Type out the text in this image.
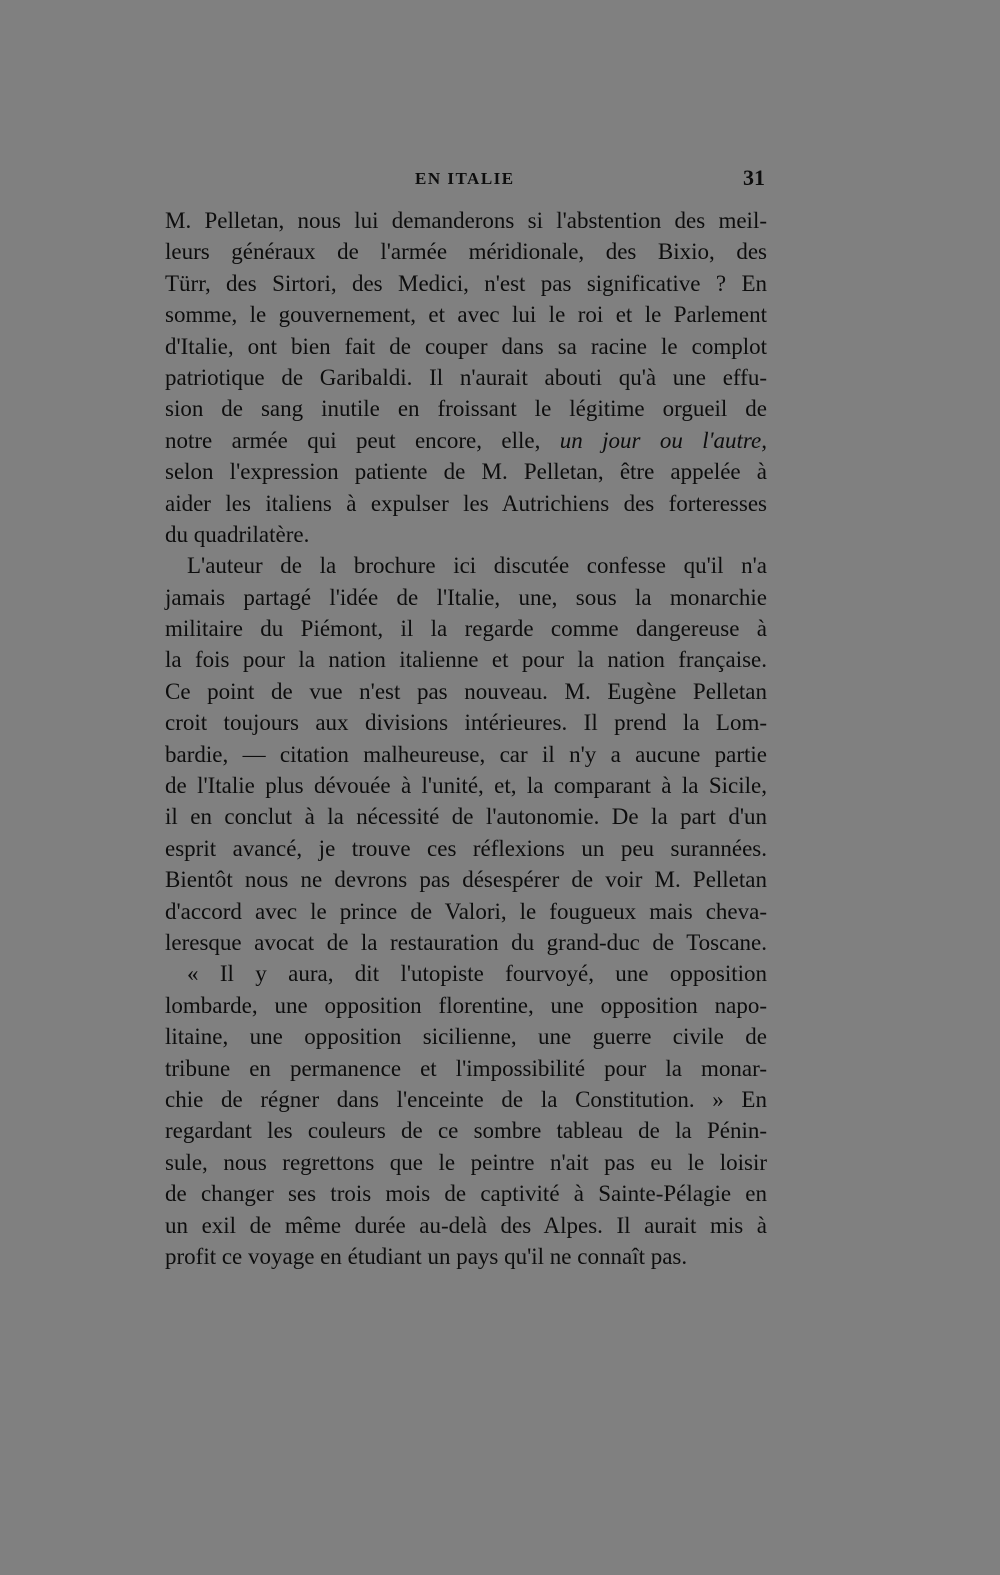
EN ITALIE	31
M. Pelletan, nous lui demanderons si l'abstention des meil-
leurs généraux de l'armée méridionale, des Bixio, des
Türr, des Sirtori, des Medici, n'est pas significative ? En
somme, le gouvernement, et avec lui le roi et le Parlement
d'Italie, ont bien fait de couper dans sa racine le complot
patriotique de Garibaldi. Il n'aurait abouti qu'à une effu-
sion de sang inutile en froissant le légitime orgueil de
notre armée qui peut encore, elle, un jour ou l'autre,
selon l'expression patiente de M. Pelletan, être appelée à
aider les italiens à expulser les Autrichiens des forteresses
du quadrilatère.
L'auteur de la brochure ici discutée confesse qu'il n'a
jamais partagé l'idée de l'Italie, une, sous la monarchie
militaire du Piémont, il la regarde comme dangereuse à
la fois pour la nation italienne et pour la nation française.
Ce point de vue n'est pas nouveau. M. Eugène Pelletan
croit toujours aux divisions intérieures. Il prend la Lom-
bardie, — citation malheureuse, car il n'y a aucune partie
de l'Italie plus dévouée à l'unité, et, la comparant à la Sicile,
il en conclut à la nécessité de l'autonomie. De la part d'un
esprit avancé, je trouve ces réflexions un peu surannées.
Bientôt nous ne devrons pas désespérer de voir M. Pelletan
d'accord avec le prince de Valori, le fougueux mais cheva-
leresque avocat de la restauration du grand-duc de Toscane.
« Il y aura, dit l'utopiste fourvoyé, une opposition
lombarde, une opposition florentine, une opposition napo-
litaine, une opposition sicilienne, une guerre civile de
tribune en permanence et l'impossibilité pour la monar-
chie de régner dans l'enceinte de la Constitution. » En
regardant les couleurs de ce sombre tableau de la Pénin-
sule, nous regrettons que le peintre n'ait pas eu le loisir
de changer ses trois mois de captivité à Sainte-Pélagie en
un exil de même durée au-delà des Alpes. Il aurait mis à
profit ce voyage en étudiant un pays qu'il ne connaît pas.
